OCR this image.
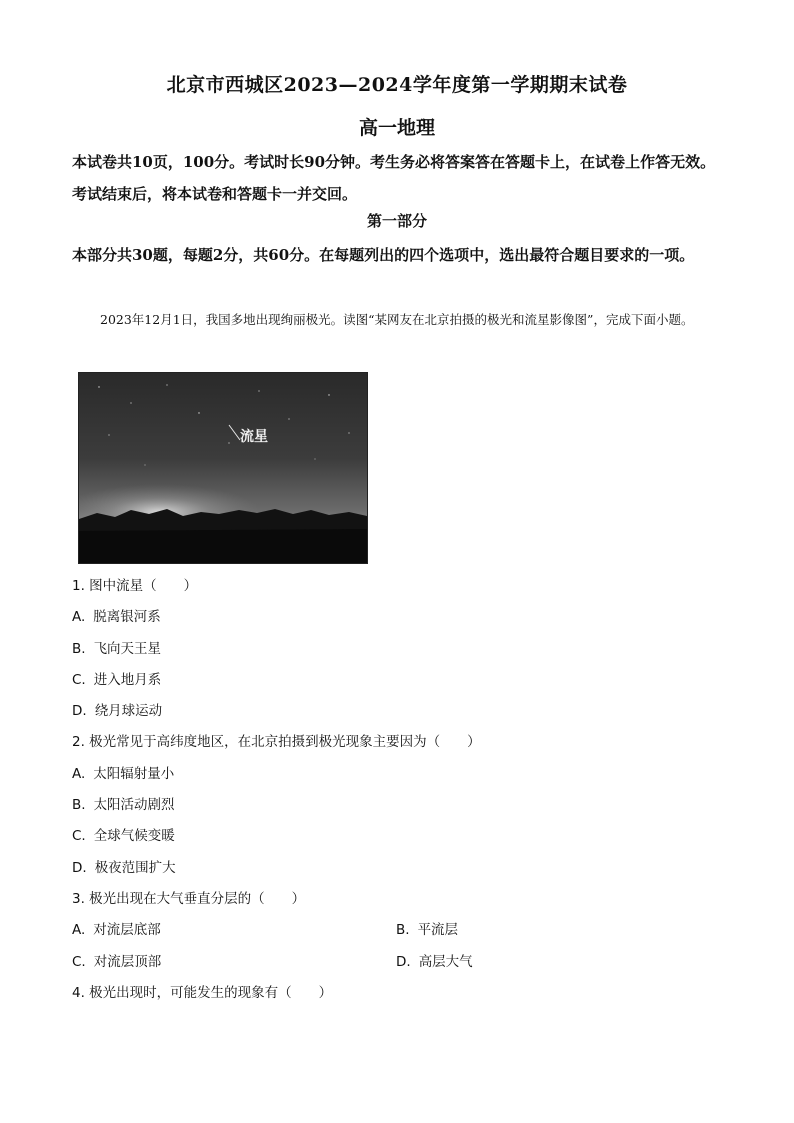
北京市西城区2023—2024学年度第一学期期末试卷
高一地理
本试卷共10页，100分。考试时长90分钟。考生务必将答案答在答题卡上，在试卷上作答无效。考试结束后，将本试卷和答题卡一并交回。
第一部分
本部分共30题，每题2分，共60分。在每题列出的四个选项中，选出最符合题目要求的一项。
2023年12月1日，我国多地出现绚丽极光。读图“某网友在北京拍摄的极光和流星影像图”，完成下面小题。
流星
1. 图中流星（　　）
A. 脱离银河系
B. 飞向天王星
C. 进入地月系
D. 绕月球运动
2. 极光常见于高纬度地区，在北京拍摄到极光现象主要因为（　　）
A. 太阳辐射量小
B. 太阳活动剧烈
C. 全球气候变暖
D. 极夜范围扩大
3. 极光出现在大气垂直分层的（　　）
A. 对流层底部	B. 平流层
C. 对流层顶部	D. 高层大气
4. 极光出现时，可能发生的现象有（　　）
